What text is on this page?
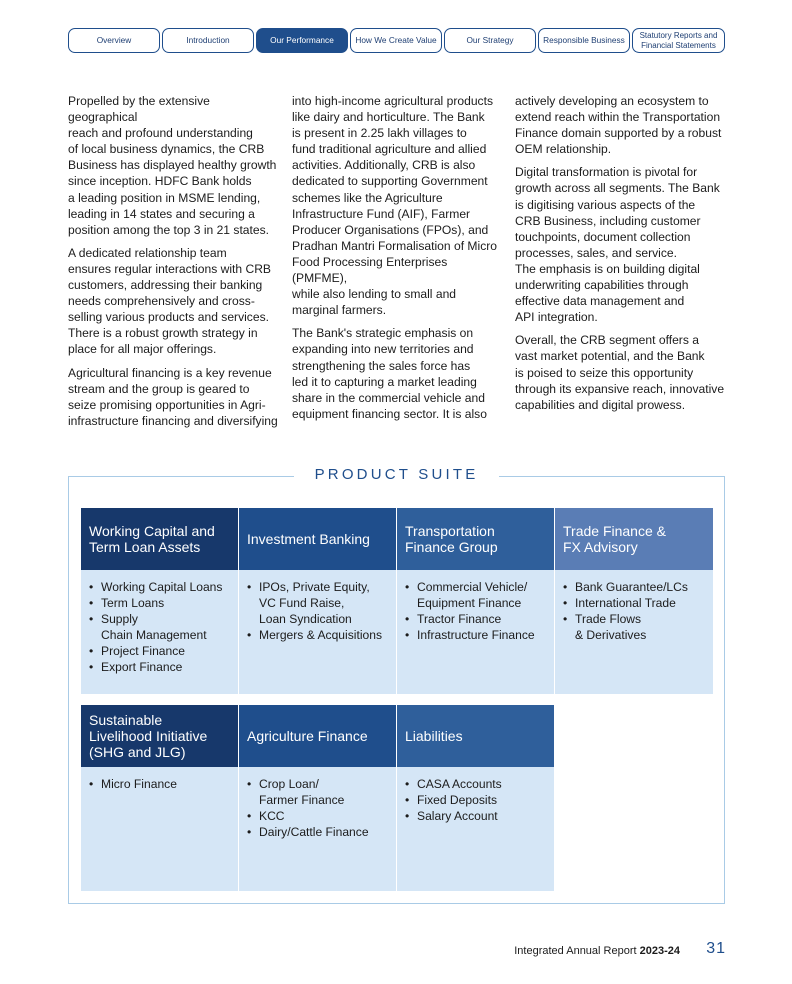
Overview	Introduction	Our Performance	How We Create Value	Our Strategy	Responsible Business	Statutory Reports and
Financial Statements

Propelled by the extensive geographical
reach and profound understanding
of local business dynamics, the CRB
Business has displayed healthy growth
since inception. HDFC Bank holds
a leading position in MSME lending,
leading in 14 states and securing a
position among the top 3 in 21 states.

A dedicated relationship team
ensures regular interactions with CRB
customers, addressing their banking
needs comprehensively and cross-
selling various products and services.
There is a robust growth strategy in
place for all major offerings.

Agricultural financing is a key revenue
stream and the group is geared to
seize promising opportunities in Agri-
infrastructure financing and diversifying

into high-income agricultural products
like dairy and horticulture. The Bank
is present in 2.25 lakh villages to
fund traditional agriculture and allied
activities. Additionally, CRB is also
dedicated to supporting Government
schemes like the Agriculture
Infrastructure Fund (AIF), Farmer
Producer Organisations (FPOs), and
Pradhan Mantri Formalisation of Micro
Food Processing Enterprises (PMFME),
while also lending to small and
marginal farmers.

The Bank's strategic emphasis on
expanding into new territories and
strengthening the sales force has
led it to capturing a market leading
share in the commercial vehicle and
equipment financing sector. It is also

actively developing an ecosystem to
extend reach within the Transportation
Finance domain supported by a robust
OEM relationship.

Digital transformation is pivotal for
growth across all segments. The Bank
is digitising various aspects of the
CRB Business, including customer
touchpoints, document collection
processes, sales, and service.
The emphasis is on building digital
underwriting capabilities through
effective data management and
API integration.

Overall, the CRB segment offers a
vast market potential, and the Bank
is poised to seize this opportunity
through its expansive reach, innovative
capabilities and digital prowess.

PRODUCT SUITE
Working Capital and
Term Loan Assets
• Working Capital Loans
• Term Loans
• Supply
Chain Management
• Project Finance
• Export Finance
Investment Banking
• IPOs, Private Equity,
VC Fund Raise,
Loan Syndication
• Mergers & Acquisitions
Transportation
Finance Group
• Commercial Vehicle/
Equipment Finance
• Tractor Finance
• Infrastructure Finance
Trade Finance &
FX Advisory
• Bank Guarantee/LCs
• International Trade
• Trade Flows
& Derivatives
Sustainable
Livelihood Initiative
(SHG and JLG)
• Micro Finance
Agriculture Finance
• Crop Loan/
Farmer Finance
• KCC
• Dairy/Cattle Finance
Liabilities
• CASA Accounts
• Fixed Deposits
• Salary Account
Integrated Annual Report 2023-24	31
